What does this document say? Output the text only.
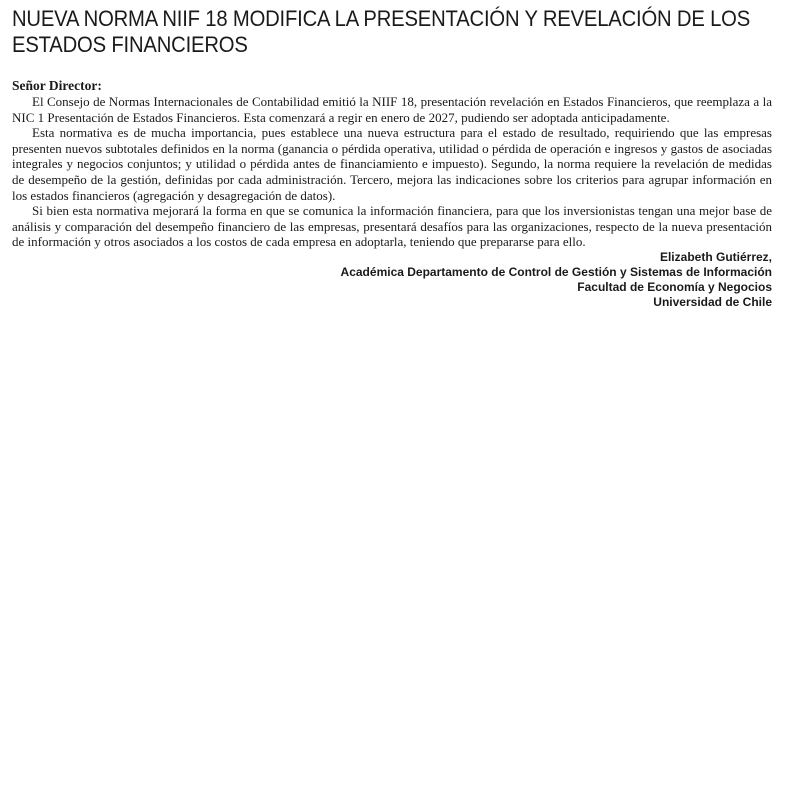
NUEVA NORMA NIIF 18 MODIFICA LA PRESENTACIÓN Y REVELACIÓN DE LOS ESTADOS FINANCIEROS

Señor Director:

El Consejo de Normas Internacionales de Contabilidad emitió la NIIF 18, presentación revelación en Estados Financieros, que reemplaza a la NIC 1 Presentación de Estados Financieros. Esta comenzará a regir en enero de 2027, pudiendo ser adoptada anticipadamente.

Esta normativa es de mucha importancia, pues establece una nueva estructura para el estado de resultado, requiriendo que las empresas presenten nuevos subtotales definidos en la norma (ganancia o pérdida operativa, utilidad o pérdida de operación e ingresos y gastos de asociadas integrales y negocios conjuntos; y utilidad o pérdida antes de financiamiento e impuesto). Segundo, la norma requiere la revelación de medidas de desempeño de la gestión, definidas por cada administración. Tercero, mejora las indicaciones sobre los criterios para agrupar información en los estados financieros (agregación y desagregación de datos).

Si bien esta normativa mejorará la forma en que se comunica la información financiera, para que los inversionistas tengan una mejor base de análisis y comparación del desempeño financiero de las empresas, presentará desafíos para las organizaciones, respecto de la nueva presentación de información y otros asociados a los costos de cada empresa en adoptarla, teniendo que prepararse para ello.

Elizabeth Gutiérrez,
Académica Departamento de Control de Gestión y Sistemas de Información
Facultad de Economía y Negocios
Universidad de Chile
